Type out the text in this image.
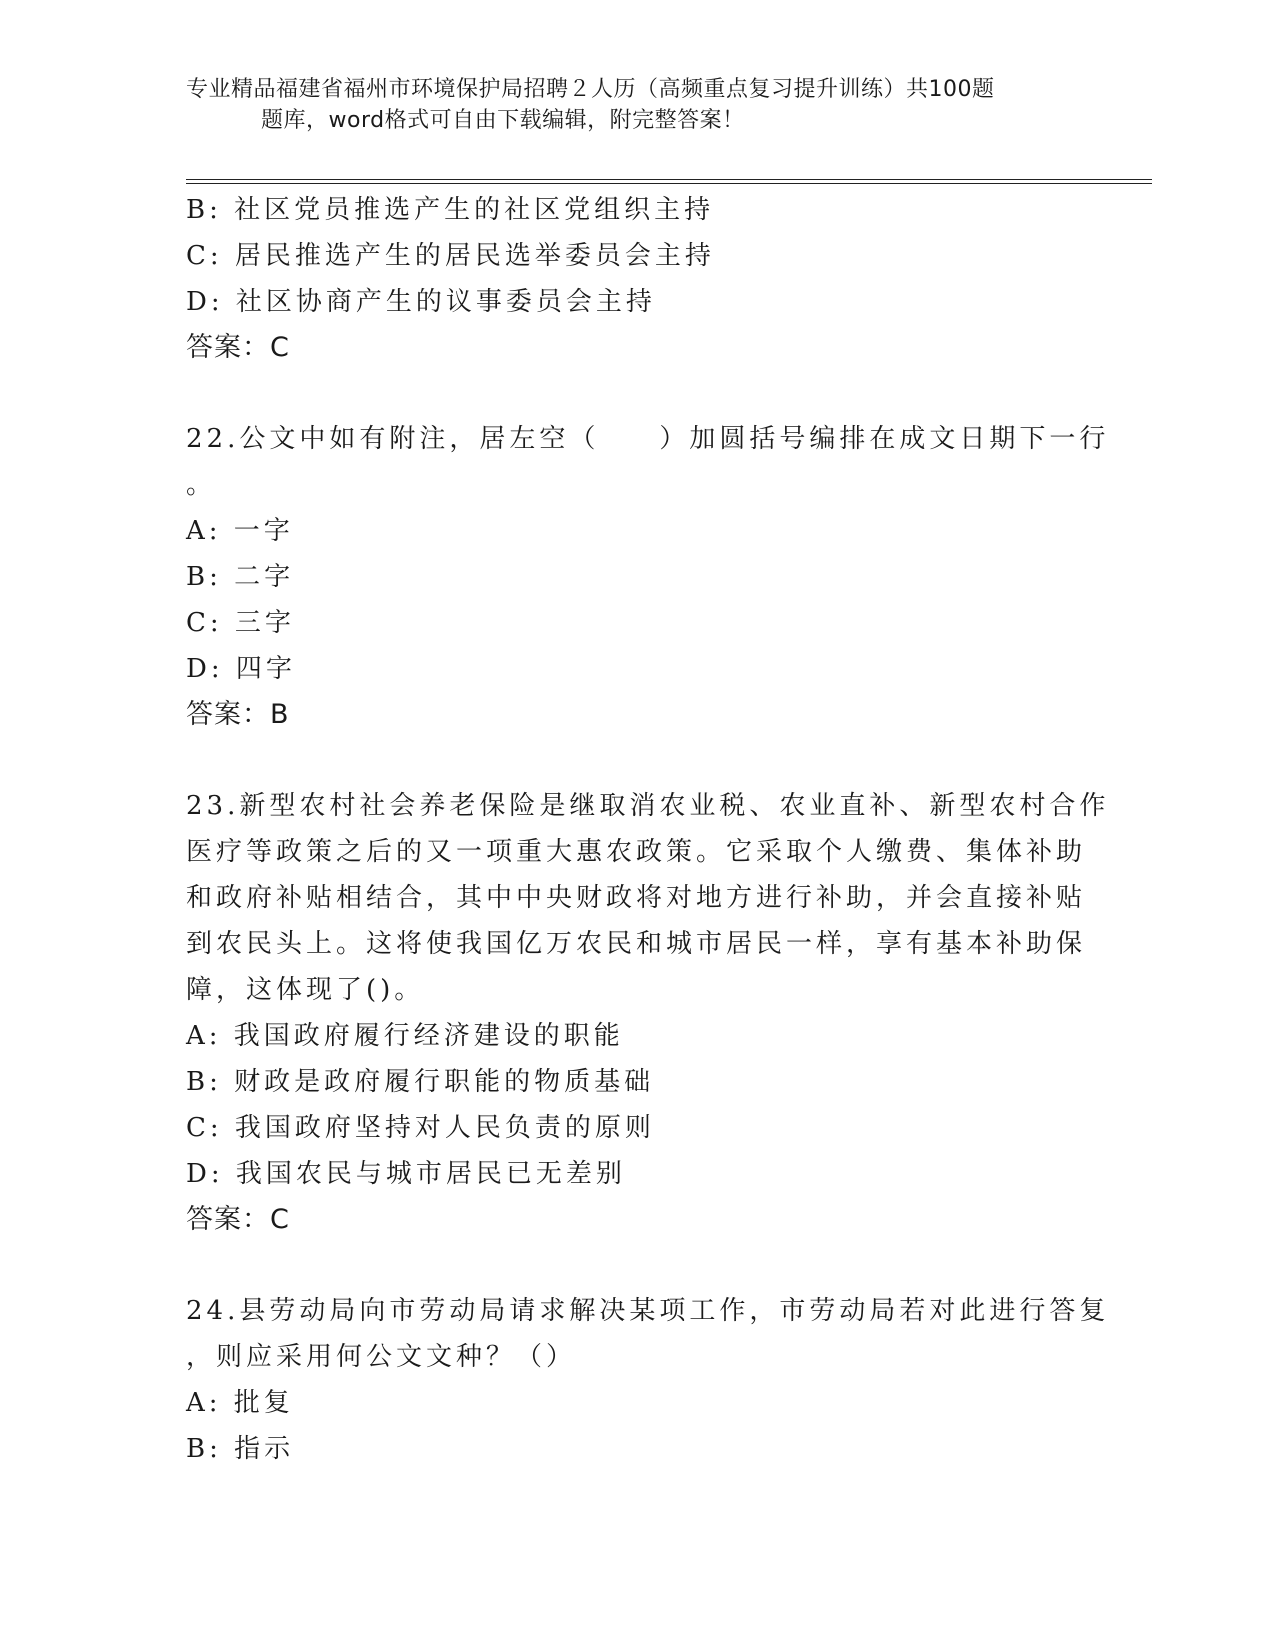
专业精品福建省福州市环境保护局招聘２人历（高频重点复习提升训练）共100题
题库，word格式可自由下载编辑，附完整答案！
B: 社区党员推选产生的社区党组织主持
C: 居民推选产生的居民选举委员会主持
D: 社区协商产生的议事委员会主持
答案：C
22.公文中如有附注，居左空（　　）加圆括号编排在成文日期下一行
。
A: 一字
B: 二字
C: 三字
D: 四字
答案：B
23.新型农村社会养老保险是继取消农业税、农业直补、新型农村合作
医疗等政策之后的又一项重大惠农政策。它采取个人缴费、集体补助
和政府补贴相结合，其中中央财政将对地方进行补助，并会直接补贴
到农民头上。这将使我国亿万农民和城市居民一样，享有基本补助保
障，这体现了()。
A: 我国政府履行经济建设的职能
B: 财政是政府履行职能的物质基础
C: 我国政府坚持对人民负责的原则
D: 我国农民与城市居民已无差别
答案：C
24.县劳动局向市劳动局请求解决某项工作，市劳动局若对此进行答复
，则应采用何公文文种？（）
A: 批复
B: 指示
